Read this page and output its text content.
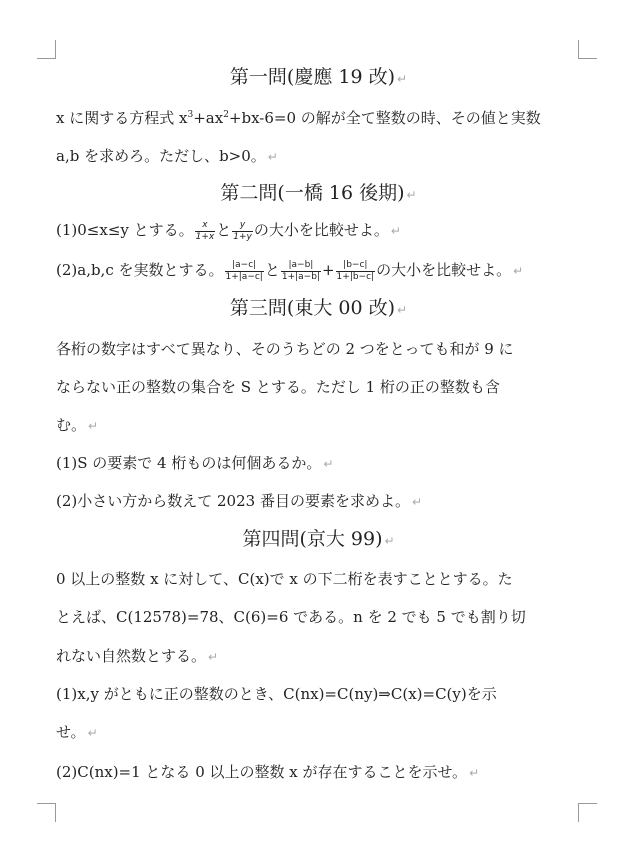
第一問(慶應 19 改) ↵
x に関する方程式 $x^3+ax^2+bx-6=0$ の解が全て整数の時、その値と実数
a,b を求めろ。ただし、b>0。 ↵
第二問(一橋 16 後期) ↵
(1)0≤x≤y とする。 $\frac{x}{1+x}$ と $\frac{y}{1+y}$ の大小を比較せよ。 ↵
(2)a,b,c を実数とする。 $\frac{|a-c|}{1+|a-c|}$ と $\frac{|a-b|}{1+|a-b|} + \frac{|b-c|}{1+|b-c|}$ の大小を比較せよ。 ↵
第三問(東大 00 改) ↵
各桁の数字はすべて異なり、そのうちどの 2 つをとっても和が 9 に
ならない正の整数の集合を S とする。ただし 1 桁の正の整数も含
む。 ↵
(1)S の要素で 4 桁ものは何個あるか。 ↵
(2)小さい方から数えて 2023 番目の要素を求めよ。 ↵
第四問(京大 99) ↵
0 以上の整数 x に対して、C(x)で x の下二桁を表すこととする。た
とえば、C(12578)=78、C(6)=6 である。n を 2 でも 5 でも割り切
れない自然数とする。 ↵
(1)x,y がともに正の整数のとき、C(nx)=C(ny)⇒C(x)=C(y)を示
せ。 ↵
(2)C(nx)=1 となる 0 以上の整数 x が存在することを示せ。 ↵
